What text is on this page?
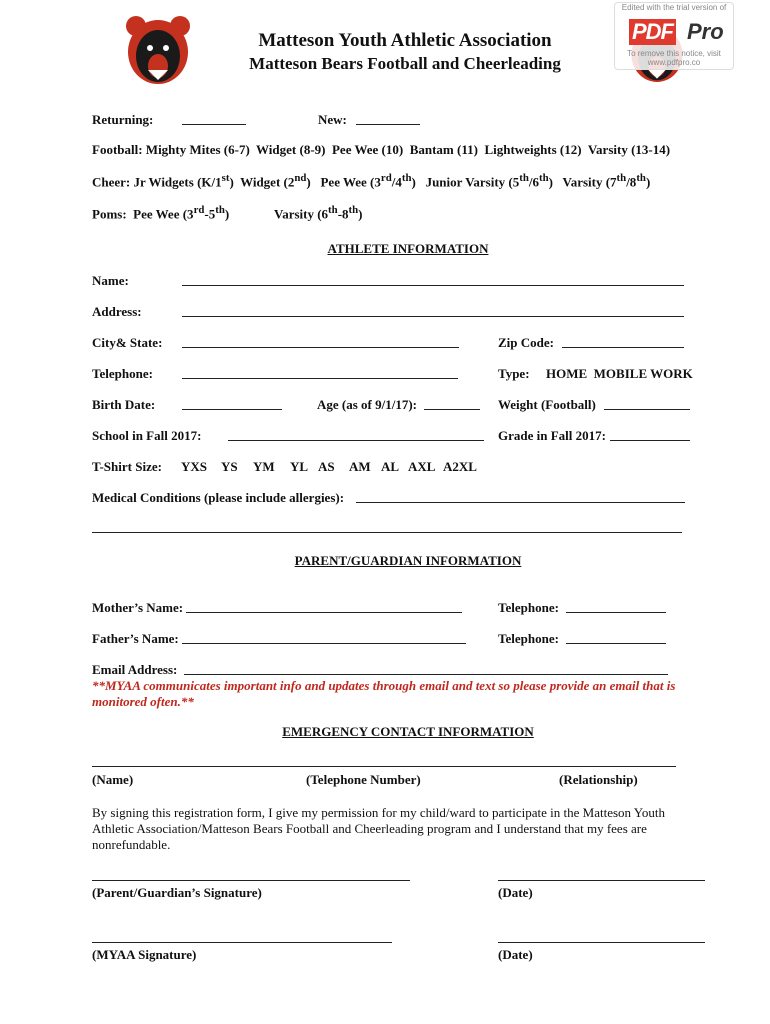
Edited with the trial version of
PDF Pro
To remove this notice, visit
www.pdfpro.co
Matteson Youth Athletic Association
Matteson Bears Football and Cheerleading
Returning:	New:
Football: Mighty Mites (6-7)  Widget (8-9)  Pee Wee (10)  Bantam (11)  Lightweights (12)  Varsity (13-14)
Cheer: Jr Widgets (K/1st)  Widget (2nd)   Pee Wee (3rd/4th)   Junior Varsity (5th/6th)   Varsity (7th/8th)
Poms:  Pee Wee (3rd-5th)	Varsity (6th-8th)
ATHLETE INFORMATION
Name:
Address:
City& State:	Zip Code:
Telephone:	Type: HOME  MOBILE WORK
Birth Date:	Age (as of 9/1/17):	Weight (Football)
School in Fall 2017:	Grade in Fall 2017:
T-Shirt Size: YXS YS YM YL AS AM AL AXL A2XL
Medical Conditions (please include allergies):
PARENT/GUARDIAN INFORMATION
Mother’s Name:	Telephone:
Father’s Name:	Telephone:
Email Address:
**MYAA communicates important info and updates through email and text so please provide an email that is monitored often.**
EMERGENCY CONTACT INFORMATION
(Name)	(Telephone Number)	(Relationship)
By signing this registration form, I give my permission for my child/ward to participate in the Matteson Youth Athletic Association/Matteson Bears Football and Cheerleading program and I understand that my fees are nonrefundable.
(Parent/Guardian’s Signature)	(Date)
(MYAA Signature)	(Date)
